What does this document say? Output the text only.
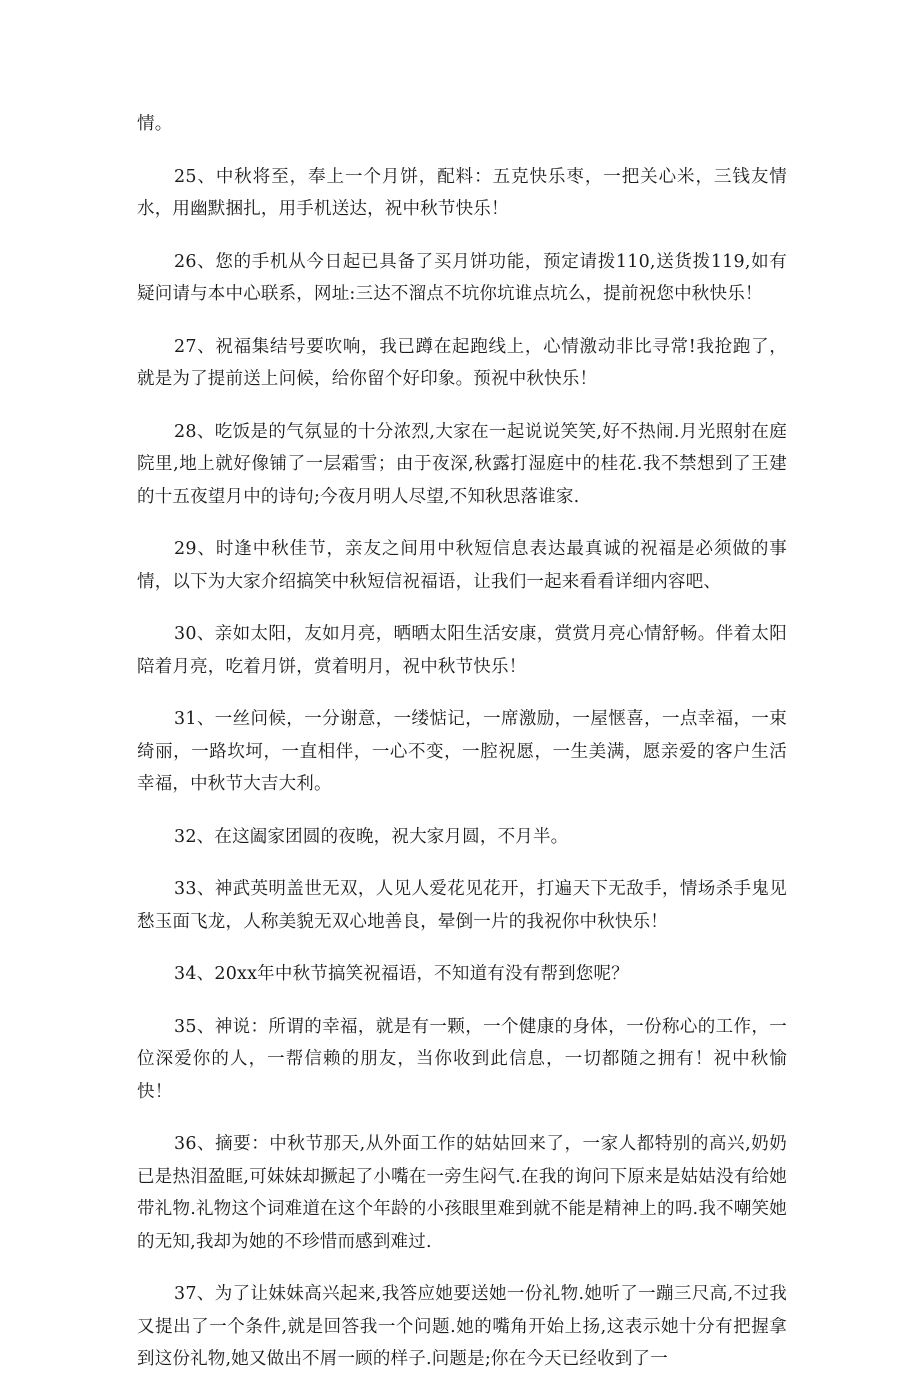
情。

25、中秋将至，奉上一个月饼，配料：五克快乐枣，一把关心米，三钱友情水，用幽默捆扎，用手机送达，祝中秋节快乐！

26、您的手机从今日起已具备了买月饼功能，预定请拨110,送货拨119,如有疑问请与本中心联系，网址:三达不溜点不坑你坑谁点坑么，提前祝您中秋快乐！

27、祝福集结号要吹响，我已蹲在起跑线上，心情激动非比寻常!我抢跑了，就是为了提前送上问候，给你留个好印象。预祝中秋快乐！

28、吃饭是的气氛显的十分浓烈,大家在一起说说笑笑,好不热闹.月光照射在庭院里,地上就好像铺了一层霜雪；由于夜深,秋露打湿庭中的桂花.我不禁想到了王建的十五夜望月中的诗句;今夜月明人尽望,不知秋思落谁家.

29、时逢中秋佳节，亲友之间用中秋短信息表达最真诚的祝福是必须做的事情，以下为大家介绍搞笑中秋短信祝福语，让我们一起来看看详细内容吧、

30、亲如太阳，友如月亮，晒晒太阳生活安康，赏赏月亮心情舒畅。伴着太阳陪着月亮，吃着月饼，赏着明月，祝中秋节快乐！

31、一丝问候，一分谢意，一缕惦记，一席激励，一屋惬喜，一点幸福，一束绮丽，一路坎坷，一直相伴，一心不变，一腔祝愿，一生美满，愿亲爱的客户生活幸福，中秋节大吉大利。

32、在这阖家团圆的夜晚，祝大家月圆，不月半。

33、神武英明盖世无双，人见人爱花见花开，打遍天下无敌手，情场杀手鬼见愁玉面飞龙，人称美貌无双心地善良，晕倒一片的我祝你中秋快乐！

34、20xx年中秋节搞笑祝福语，不知道有没有帮到您呢？

35、神说：所谓的幸福，就是有一颗，一个健康的身体，一份称心的工作，一位深爱你的人，一帮信赖的朋友，当你收到此信息，一切都随之拥有！祝中秋愉快！

36、摘要：中秋节那天,从外面工作的姑姑回来了，一家人都特别的高兴,奶奶已是热泪盈眶,可妹妹却撅起了小嘴在一旁生闷气.在我的询问下原来是姑姑没有给她带礼物.礼物这个词难道在这个年龄的小孩眼里难到就不能是精神上的吗.我不嘲笑她的无知,我却为她的不珍惜而感到难过.

37、为了让妹妹高兴起来,我答应她要送她一份礼物.她听了一蹦三尺高,不过我又提出了一个条件,就是回答我一个问题.她的嘴角开始上扬,这表示她十分有把握拿到这份礼物,她又做出不屑一顾的样子.问题是;你在今天已经收到了一
